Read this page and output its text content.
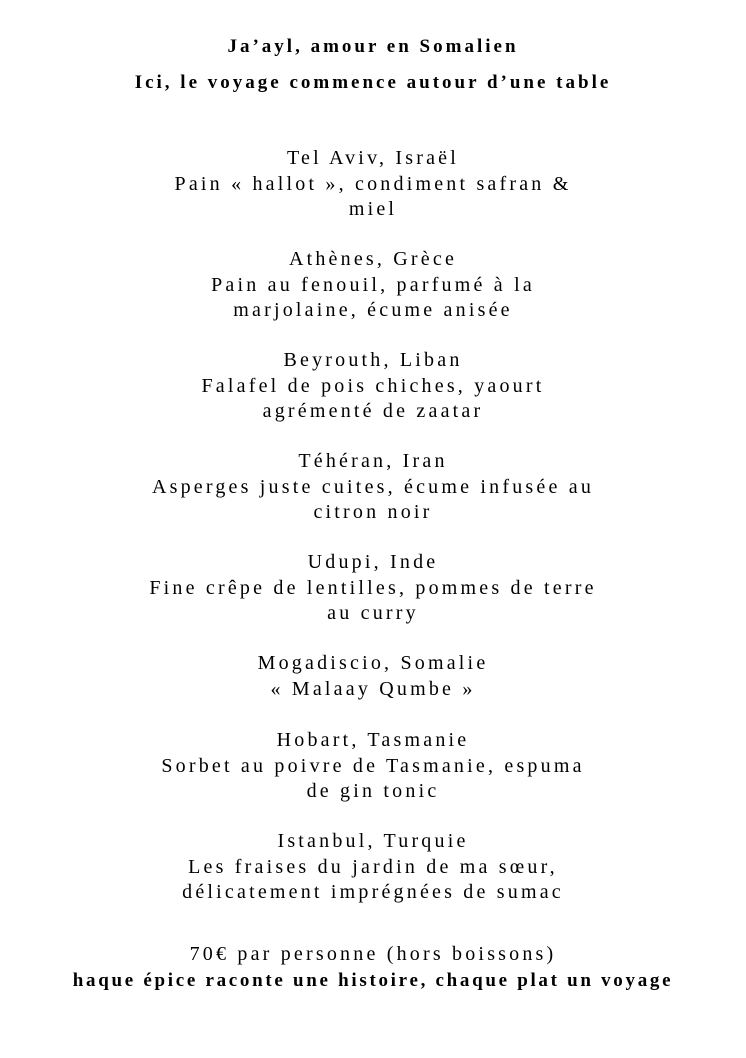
Ja’ayl, amour en Somalien
Ici, le voyage commence autour d’une table
Tel Aviv, Israël
Pain « hallot », condiment safran &
miel
Athènes, Grèce
Pain au fenouil, parfumé à la
marjolaine, écume anisée
Beyrouth, Liban
Falafel de pois chiches, yaourt
agrémenté de zaatar
Téhéran, Iran
Asperges juste cuites, écume infusée au
citron noir
Udupi, Inde
Fine crêpe de lentilles, pommes de terre
au curry
Mogadiscio, Somalie
« Malaay Qumbe »
Hobart, Tasmanie
Sorbet au poivre de Tasmanie, espuma
de gin tonic
Istanbul, Turquie
Les fraises du jardin de ma sœur,
délicatement imprégnées de sumac
70€ par personne (hors boissons)
haque épice raconte une histoire, chaque plat un voyage
